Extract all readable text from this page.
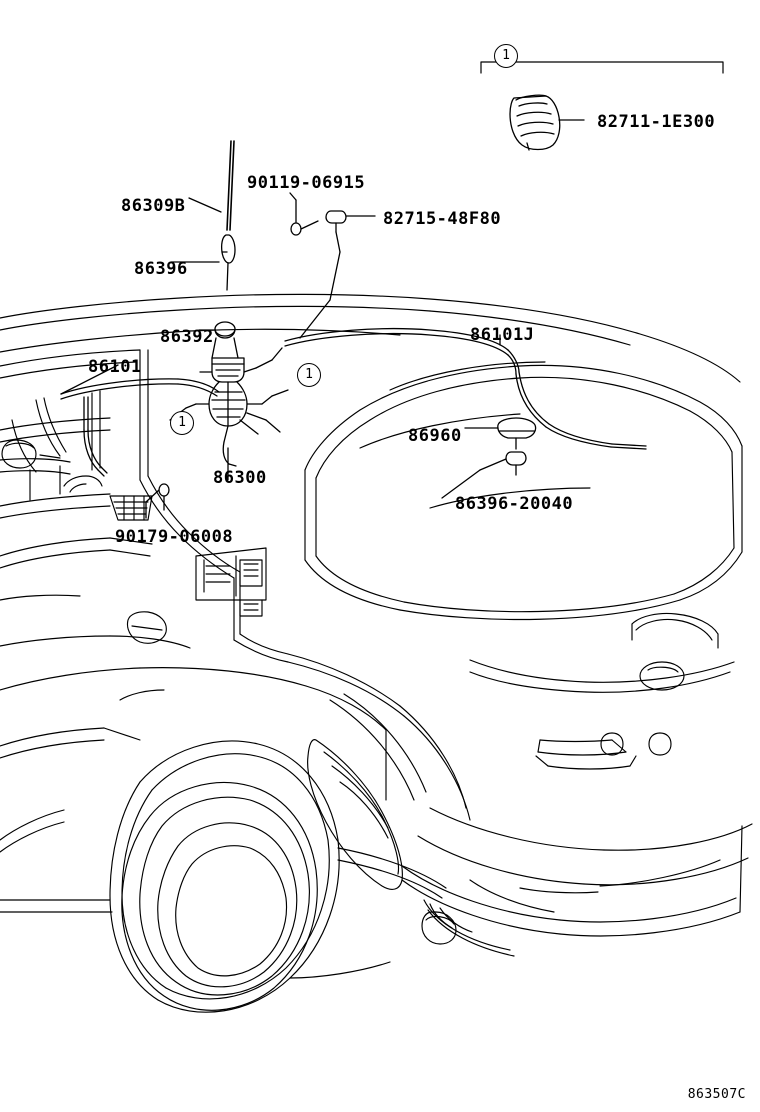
82711-1E300
90119-06915
86309B
82715-48F80
86396
86392	86101J
86101
86960
86300
86396-20040
90179-06008
1
1
1
863507C
